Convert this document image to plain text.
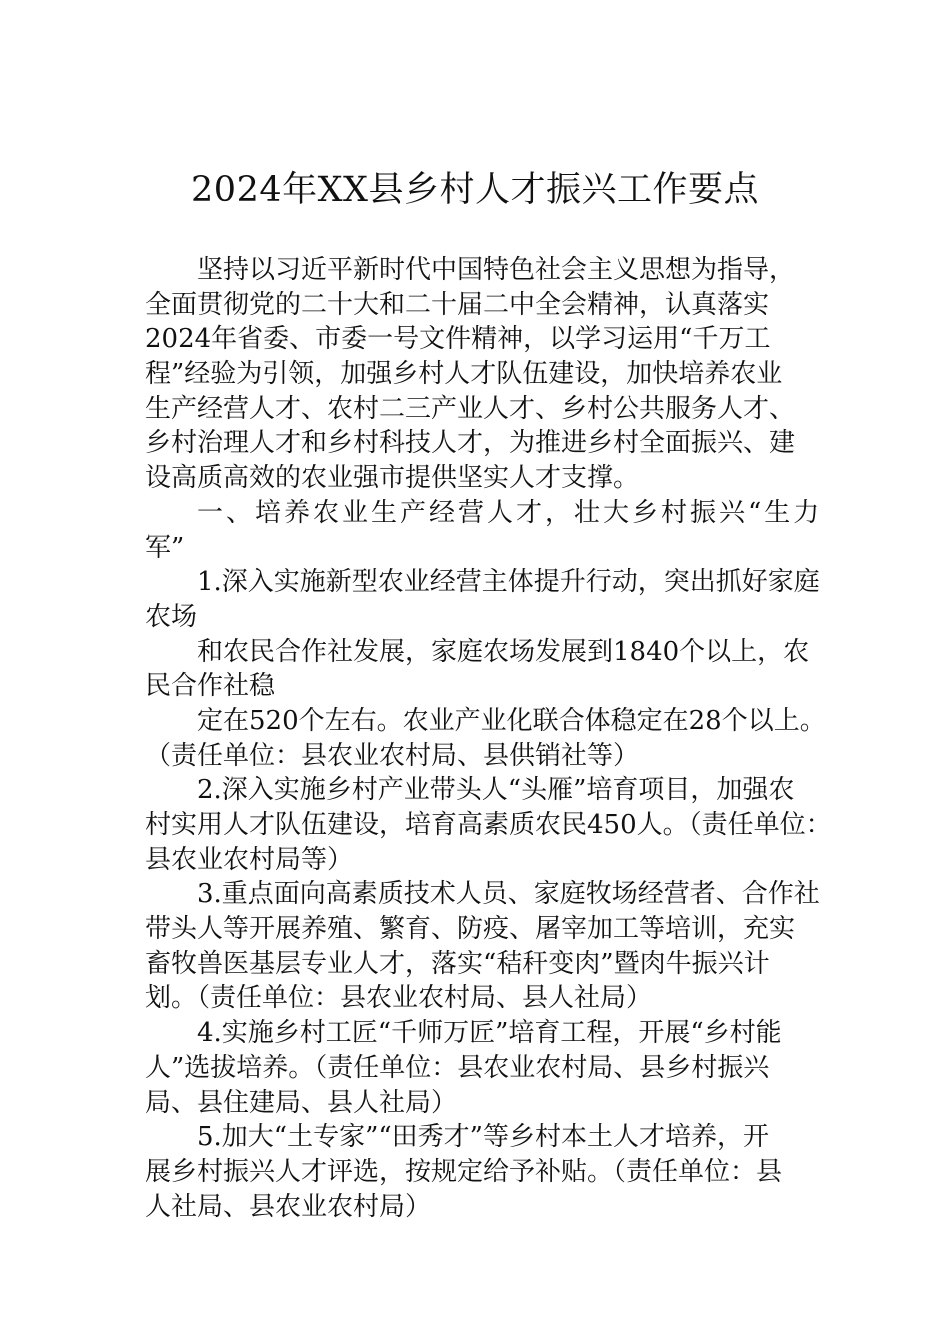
2024年XX县乡村人才振兴工作要点
坚持以习近平新时代中国特色社会主义思想为指导，
全面贯彻党的二十大和二十届二中全会精神，认真落实
2024年省委、市委一号文件精神，以学习运用“千万工
程”经验为引领，加强乡村人才队伍建设，加快培养农业
生产经营人才、农村二三产业人才、乡村公共服务人才、
乡村治理人才和乡村科技人才，为推进乡村全面振兴、建
设高质高效的农业强市提供坚实人才支撑。
一、培养农业生产经营人才，壮大乡村振兴“生力
军”
1.深入实施新型农业经营主体提升行动，突出抓好家庭
农场
和农民合作社发展，家庭农场发展到1840个以上，农
民合作社稳
定在520个左右。农业产业化联合体稳定在28个以上。
（责任单位：县农业农村局、县供销社等）
2.深入实施乡村产业带头人“头雁”培育项目，加强农
村实用人才队伍建设，培育高素质农民450人。（责任单位：
县农业农村局等）
3.重点面向高素质技术人员、家庭牧场经营者、合作社
带头人等开展养殖、繁育、防疫、屠宰加工等培训，充实
畜牧兽医基层专业人才，落实“秸秆变肉”暨肉牛振兴计
划。（责任单位：县农业农村局、县人社局）
4.实施乡村工匠“千师万匠”培育工程，开展“乡村能
人”选拔培养。（责任单位：县农业农村局、县乡村振兴
局、县住建局、县人社局）
5.加大“土专家”“田秀才”等乡村本土人才培养，开
展乡村振兴人才评选，按规定给予补贴。（责任单位：县
人社局、县农业农村局）
